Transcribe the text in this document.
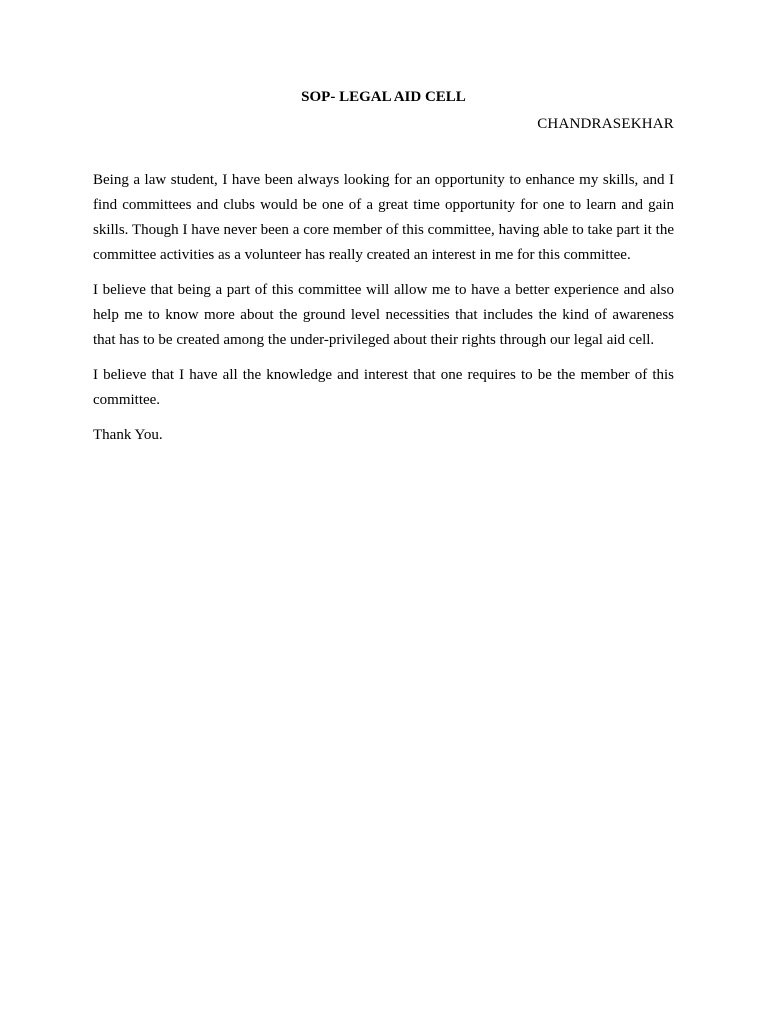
SOP- LEGAL AID CELL

CHANDRASEKHAR

Being a law student, I have been always looking for an opportunity to enhance my skills, and I find committees and clubs would be one of a great time opportunity for one to learn and gain skills. Though I have never been a core member of this committee, having able to take part it the committee activities as a volunteer has really created an interest in me for this committee.

I believe that being a part of this committee will allow me to have a better experience and also help me to know more about the ground level necessities that includes the kind of awareness that has to be created among the under-privileged about their rights through our legal aid cell.

I believe that I have all the knowledge and interest that one requires to be the member of this committee.

Thank You.
